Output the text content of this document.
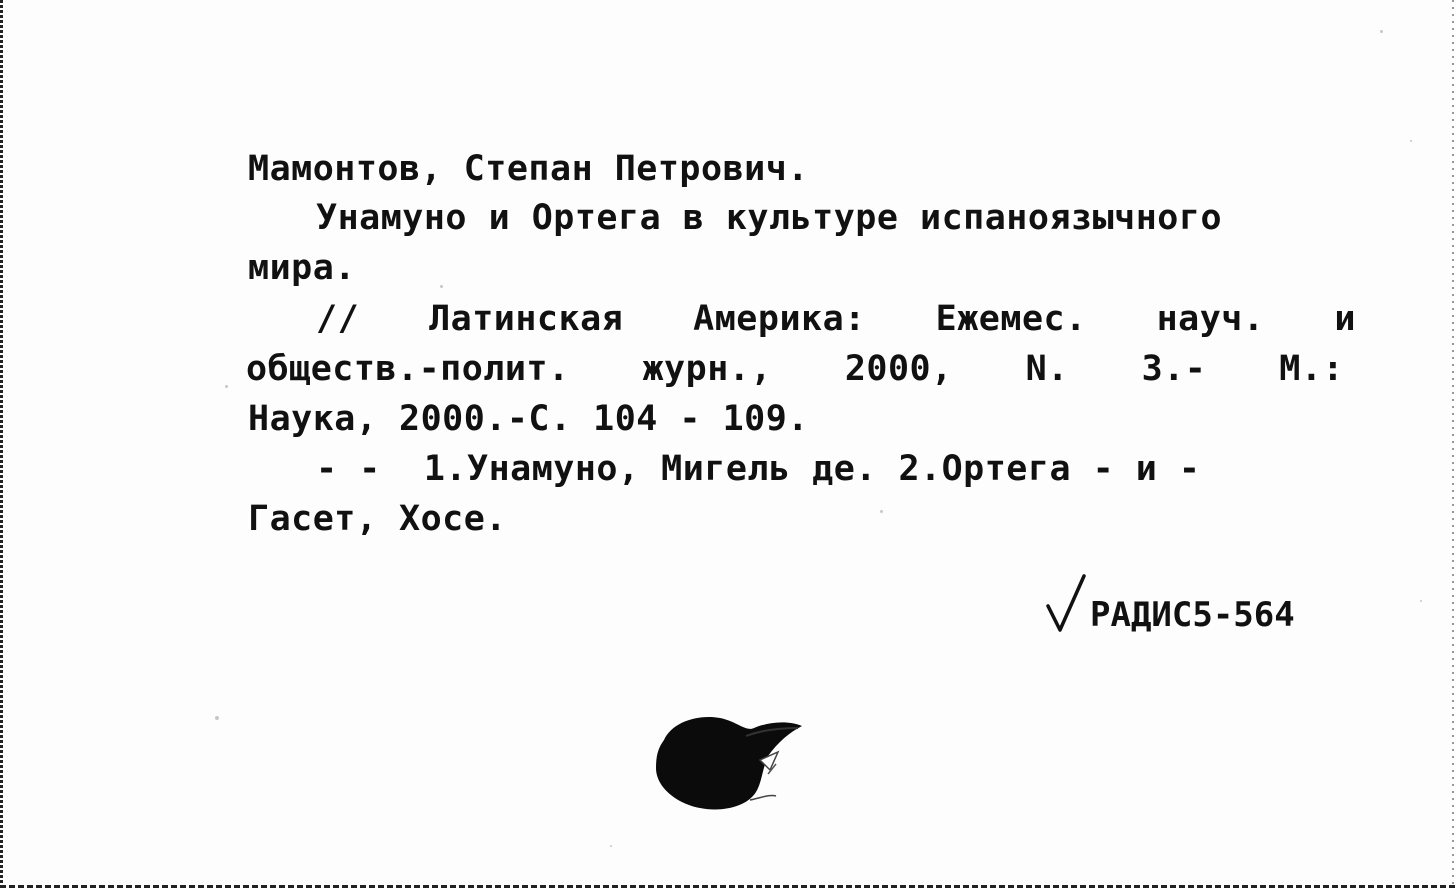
Мамонтов, Степан Петрович.
Унамуно и Ортега в культуре испаноязычного
мира.
// Латинская Америка: Ежемес. науч. и
обществ.-полит. журн., 2000, N. 3.- М.:
Наука, 2000.-С. 104 - 109.
- -  1.Унамуно, Мигель де. 2.Ортега - и -
Гасет, Хосе.
РАДИС5-564
